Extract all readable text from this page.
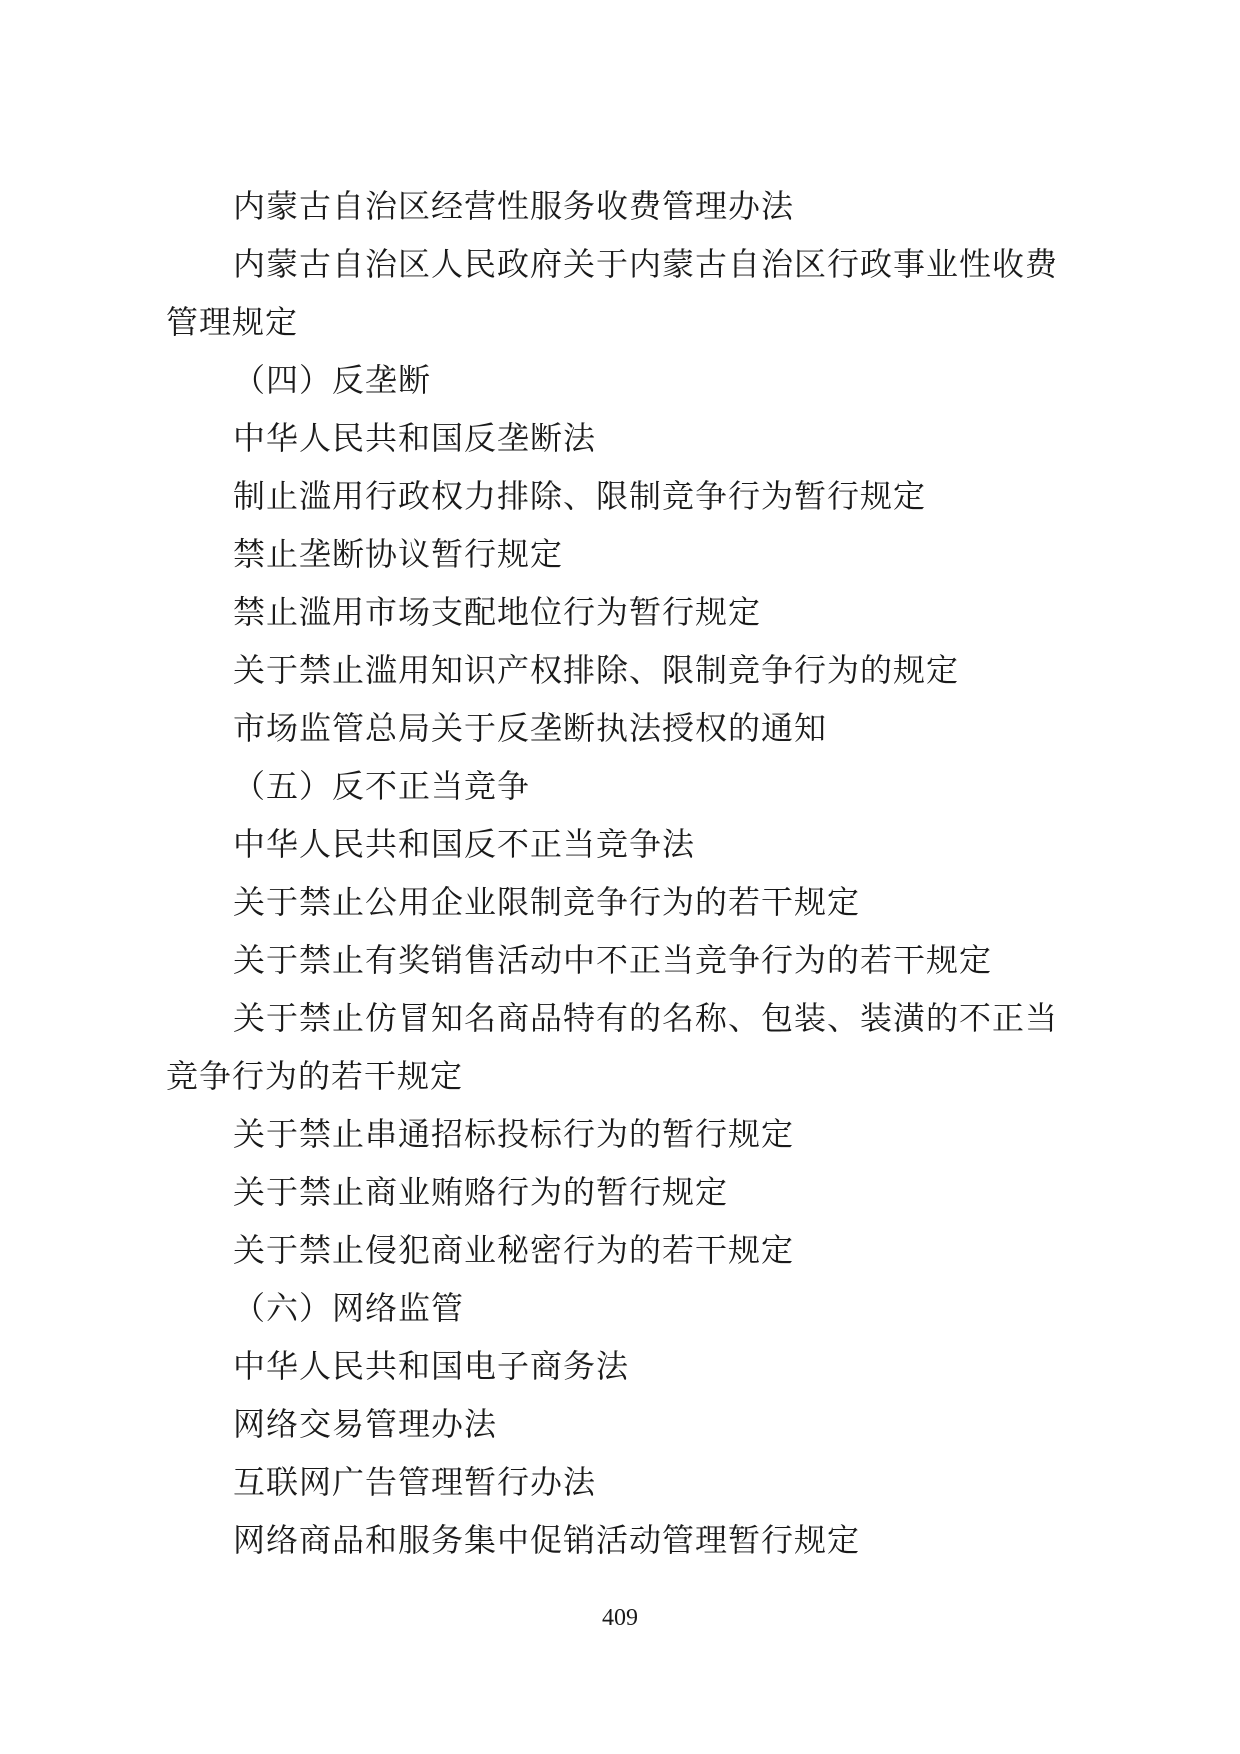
内蒙古自治区经营性服务收费管理办法
内蒙古自治区人民政府关于内蒙古自治区行政事业性收费
管理规定
（四）反垄断
中华人民共和国反垄断法
制止滥用行政权力排除、限制竞争行为暂行规定
禁止垄断协议暂行规定
禁止滥用市场支配地位行为暂行规定
关于禁止滥用知识产权排除、限制竞争行为的规定
市场监管总局关于反垄断执法授权的通知
（五）反不正当竞争
中华人民共和国反不正当竞争法
关于禁止公用企业限制竞争行为的若干规定
关于禁止有奖销售活动中不正当竞争行为的若干规定
关于禁止仿冒知名商品特有的名称、包装、装潢的不正当
竞争行为的若干规定
关于禁止串通招标投标行为的暂行规定
关于禁止商业贿赂行为的暂行规定
关于禁止侵犯商业秘密行为的若干规定
（六）网络监管
中华人民共和国电子商务法
网络交易管理办法
互联网广告管理暂行办法
网络商品和服务集中促销活动管理暂行规定
409
